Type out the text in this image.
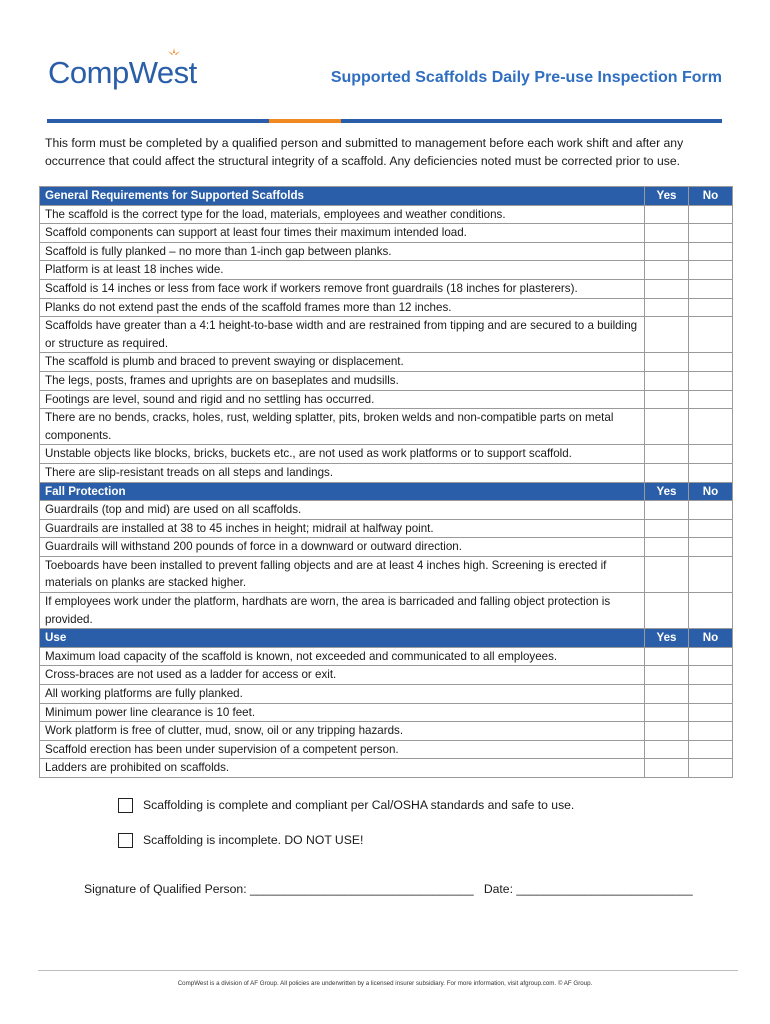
CompWest	Supported Scaffolds Daily Pre-use Inspection Form
This form must be completed by a qualified person and submitted to management before each work shift and after any occurrence that could affect the structural integrity of a scaffold. Any deficiencies noted must be corrected prior to use.
General Requirements for Supported Scaffolds	Yes	No
The scaffold is the correct type for the load, materials, employees and weather conditions.		
Scaffold components can support at least four times their maximum intended load.		
Scaffold is fully planked – no more than 1-inch gap between planks.		
Platform is at least 18 inches wide.		
Scaffold is 14 inches or less from face work if workers remove front guardrails (18 inches for plasterers).		
Planks do not extend past the ends of the scaffold frames more than 12 inches.		
Scaffolds have greater than a 4:1 height-to-base width and are restrained from tipping and are secured to a building or structure as required.		
The scaffold is plumb and braced to prevent swaying or displacement.		
The legs, posts, frames and uprights are on baseplates and mudsills.		
Footings are level, sound and rigid and no settling has occurred.		
There are no bends, cracks, holes, rust, welding splatter, pits, broken welds and non-compatible parts on metal components.		
Unstable objects like blocks, bricks, buckets etc., are not used as work platforms or to support scaffold.		
There are slip-resistant treads on all steps and landings.		
Fall Protection	Yes	No
Guardrails (top and mid) are used on all scaffolds.		
Guardrails are installed at 38 to 45 inches in height; midrail at halfway point.		
Guardrails will withstand 200 pounds of force in a downward or outward direction.		
Toeboards have been installed to prevent falling objects and are at least 4 inches high. Screening is erected if materials on planks are stacked higher.		
If employees work under the platform, hardhats are worn, the area is barricaded and falling object protection is provided.		
Use	Yes	No
Maximum load capacity of the scaffold is known, not exceeded and communicated to all employees.		
Cross-braces are not used as a ladder for access or exit.		
All working platforms are fully planked.		
Minimum power line clearance is 10 feet.		
Work platform is free of clutter, mud, snow, oil or any tripping hazards.		
Scaffold erection has been under supervision of a competent person.		
Ladders are prohibited on scaffolds.		
Scaffolding is complete and compliant per Cal/OSHA standards and safe to use.
Scaffolding is incomplete. DO NOT USE!
Signature of Qualified Person: _________________________________ Date: __________________________
CompWest is a division of AF Group. All policies are underwritten by a licensed insurer subsidiary. For more information, visit afgroup.com. © AF Group.
